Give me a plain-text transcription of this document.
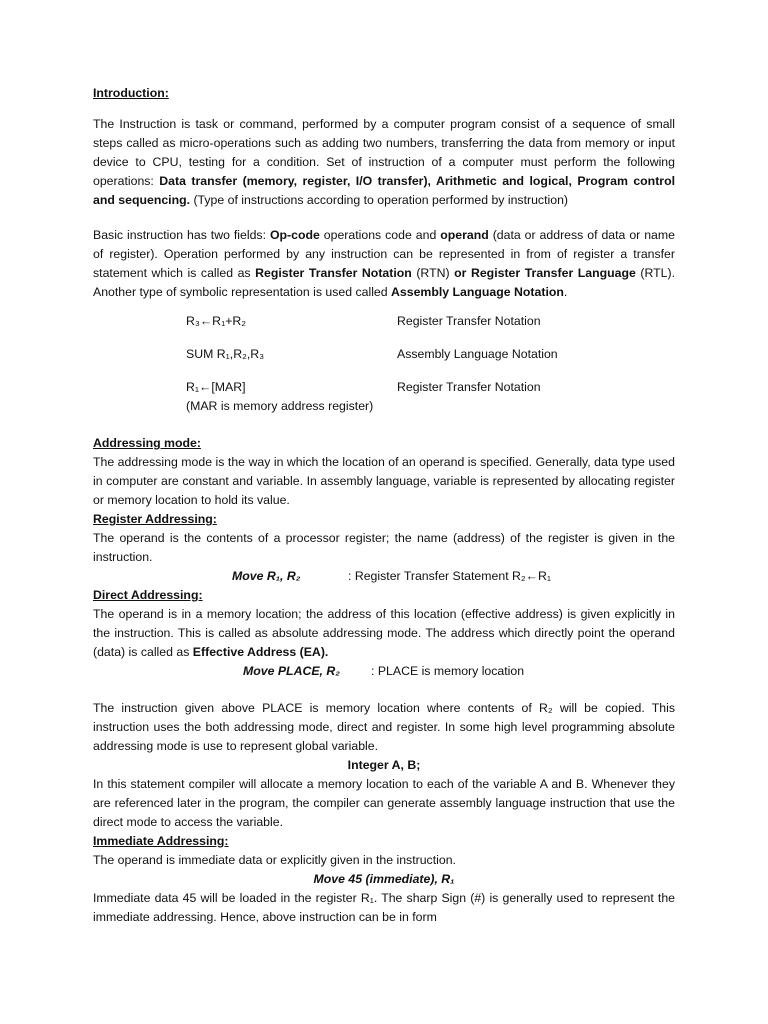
Introduction:

The Instruction is task or command, performed by a computer program consist of a sequence of small steps called as micro-operations such as adding two numbers, transferring the data from memory or input device to CPU, testing for a condition. Set of instruction of a computer must perform the following operations: Data transfer (memory, register, I/O transfer), Arithmetic and logical, Program control and sequencing. (Type of instructions according to operation performed by instruction)

Basic instruction has two fields: Op-code operations code and operand (data or address of data or name of register). Operation performed by any instruction can be represented in from of register a transfer statement which is called as Register Transfer Notation (RTN) or Register Transfer Language (RTL). Another type of symbolic representation is used called Assembly Language Notation.

R₃←R₁+R₂	Register Transfer Notation
SUM R₁,R₂,R₃	Assembly Language Notation
R₁←[MAR]	Register Transfer Notation
(MAR is memory address register)

Addressing mode:

The addressing mode is the way in which the location of an operand is specified. Generally, data type used in computer are constant and variable. In assembly language, variable is represented by allocating register or memory location to hold its value.

Register Addressing:

The operand is the contents of a processor register; the name (address) of the register is given in the instruction.

Move R₁, R₂	: Register Transfer Statement R₂←R₁

Direct Addressing:

The operand is in a memory location; the address of this location (effective address) is given explicitly in the instruction. This is called as absolute addressing mode. The address which directly point the operand (data) is called as Effective Address (EA).

Move PLACE, R₂	: PLACE is memory location

The instruction given above PLACE is memory location where contents of R₂ will be copied. This instruction uses the both addressing mode, direct and register. In some high level programming absolute addressing mode is use to represent global variable.

Integer A, B;

In this statement compiler will allocate a memory location to each of the variable A and B. Whenever they are referenced later in the program, the compiler can generate assembly language instruction that use the direct mode to access the variable.

Immediate Addressing:

The operand is immediate data or explicitly given in the instruction.

Move 45 (immediate), R₁

Immediate data 45 will be loaded in the register R₁. The sharp Sign (#) is generally used to represent the immediate addressing. Hence, above instruction can be in form
